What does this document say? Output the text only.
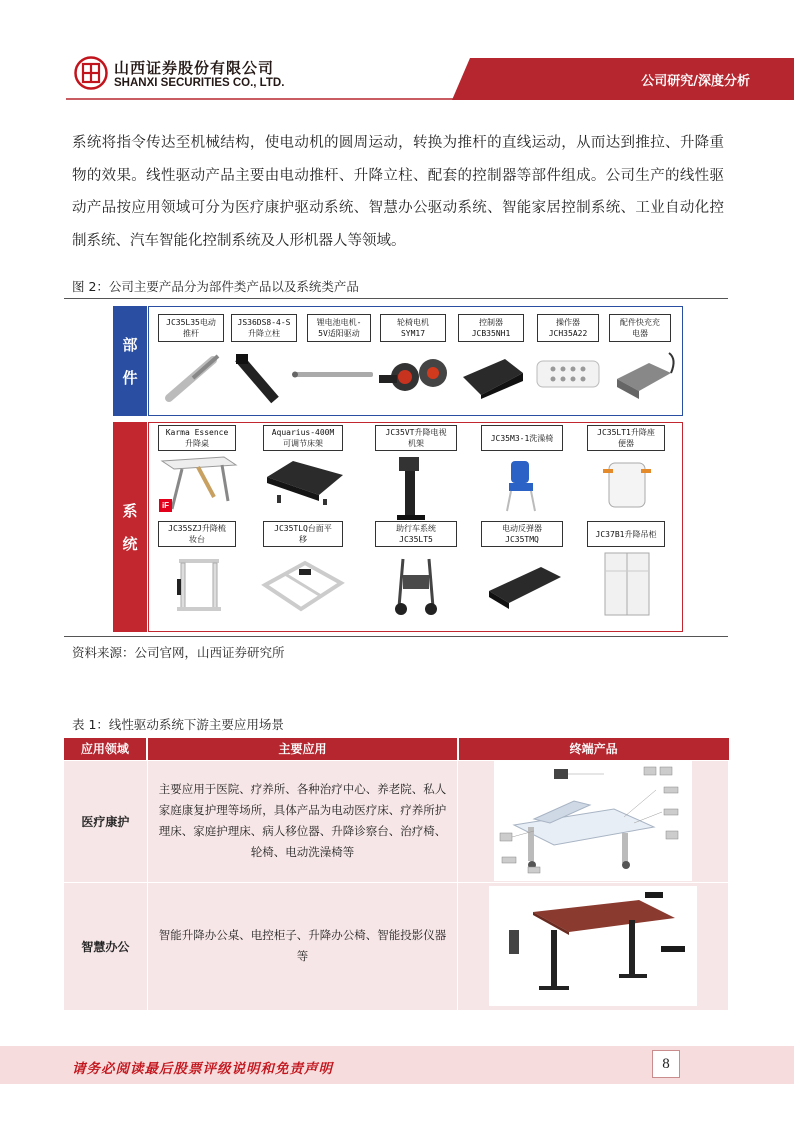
山西证券股份有限公司
SHANXI SECURITIES CO., LTD.	公司研究/深度分析
系统将指令传达至机械结构，使电动机的圆周运动，转换为推杆的直线运动，从而达到推拉、升降重物的效果。线性驱动产品主要由电动推杆、升降立柱、配套的控制器等部件组成。公司生产的线性驱动产品按应用领域可分为医疗康护驱动系统、智慧办公驱动系统、智能家居控制系统、工业自动化控制系统、汽车智能化控制系统及人形机器人等领域。
图 2：公司主要产品分为部件类产品以及系统类产品
部
件
JC35L35电动
推杆
JS36DS8-4-S
升降立柱
锂电池电机-
5V适阳驱动
轮椅电机
SYM17
控制器
JCB35NH1
操作器
JCH35A22
配件快充充
电器
系
统
Karma Essence
升降桌
Aquarius-400M
可调节床架
JC35VT升降电视
机架
JC35M3-1洗澡椅

JC35LT1升降座
便器
iF
JC35SZJ升降梳
妆台
JC35TLQ台面平
移
助行车系统
JC35LT5
电动反弹器
JC35TMQ
JC37B1升降吊柜

资料来源：公司官网，山西证券研究所
表 1：线性驱动系统下游主要应用场景
应用领域	主要应用	终端产品
医疗康护	主要应用于医院、疗养所、各种治疗中心、养老院、私人家庭康复护理等场所，具体产品为电动医疗床、疗养所护理床、家庭护理床、病人移位器、升降诊察台、治疗椅、轮椅、电动洗澡椅等	

智慧办公	智能升降办公桌、电控柜子、升降办公椅、智能投影仪器等	
请务必阅读最后股票评级说明和免责声明	8
